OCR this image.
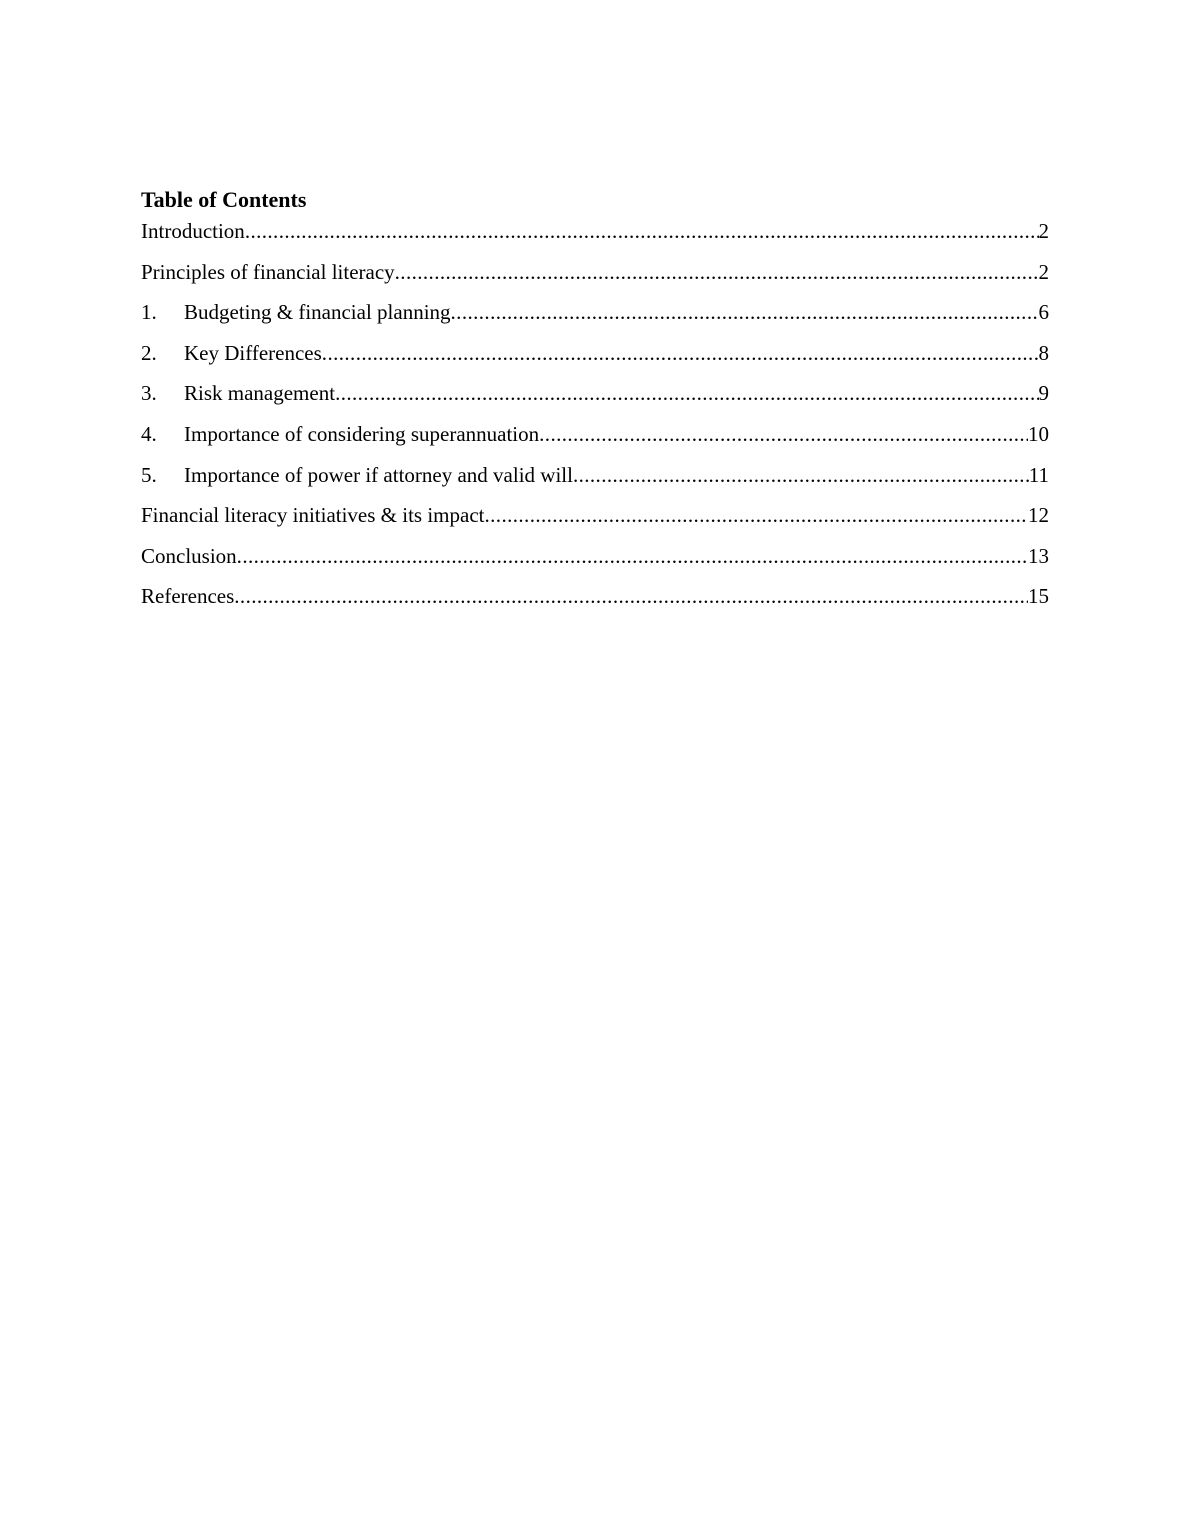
Table of Contents
Introduction .....	2
Principles of financial literacy .....	2
1.	Budgeting & financial planning .....	6
2.	Key Differences .....	8
3.	Risk management .....	9
4.	Importance of considering superannuation .....	10
5.	Importance of power if attorney and valid will .....	11
Financial literacy initiatives & its impact .....	12
Conclusion .....	13
References .....	15
